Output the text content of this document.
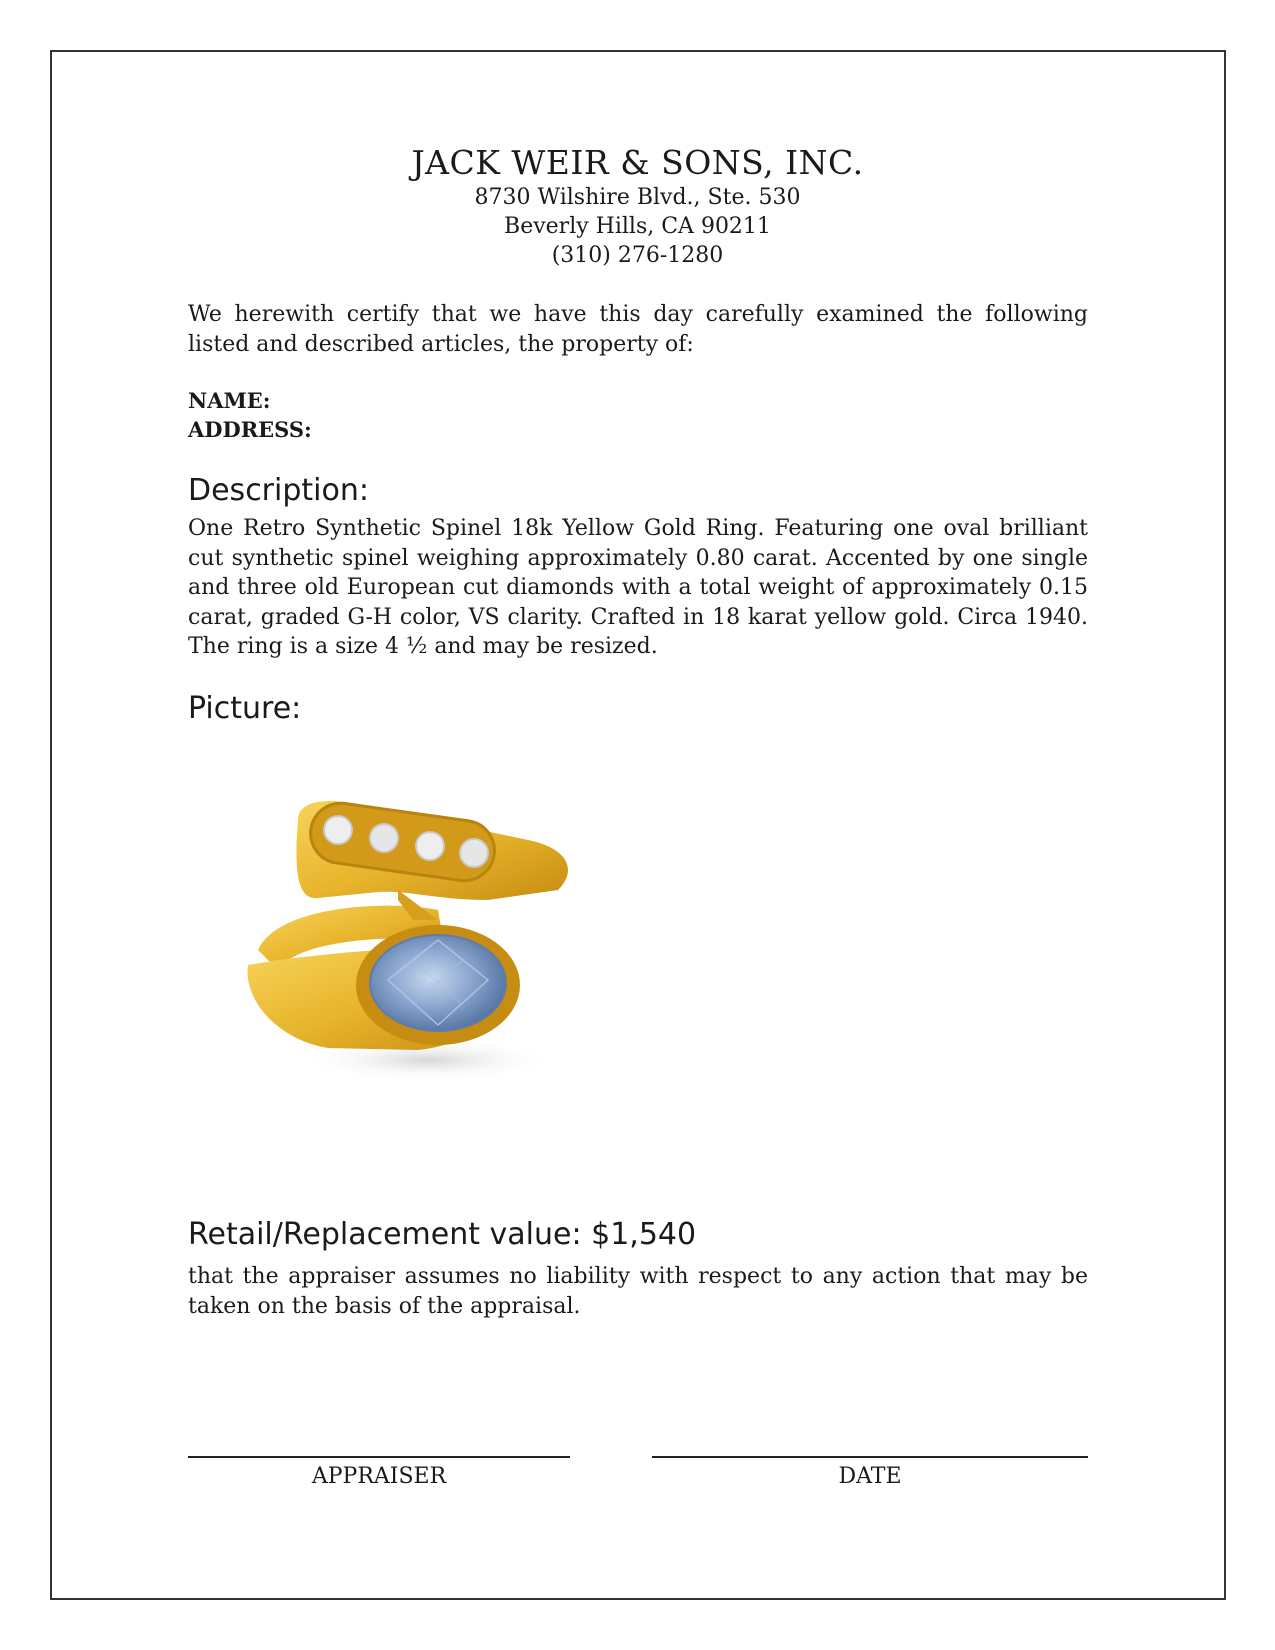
JACK WEIR & SONS, INC.
8730 Wilshire Blvd., Ste. 530
Beverly Hills, CA 90211
(310) 276-1280
We herewith certify that we have this day carefully examined the following listed and described articles, the property of:
NAME:
ADDRESS:
Description:
One Retro Synthetic Spinel 18k Yellow Gold Ring. Featuring one oval brilliant cut synthetic spinel weighing approximately 0.80 carat. Accented by one single and three old European cut diamonds with a total weight of approximately 0.15 carat, graded G-H color, VS clarity. Crafted in 18 karat yellow gold. Circa 1940. The ring is a size 4 ½ and may be resized.
Picture:
Retail/Replacement value: $1,540
that the appraiser assumes no liability with respect to any action that may be taken on the basis of the appraisal.
APPRAISER	DATE
